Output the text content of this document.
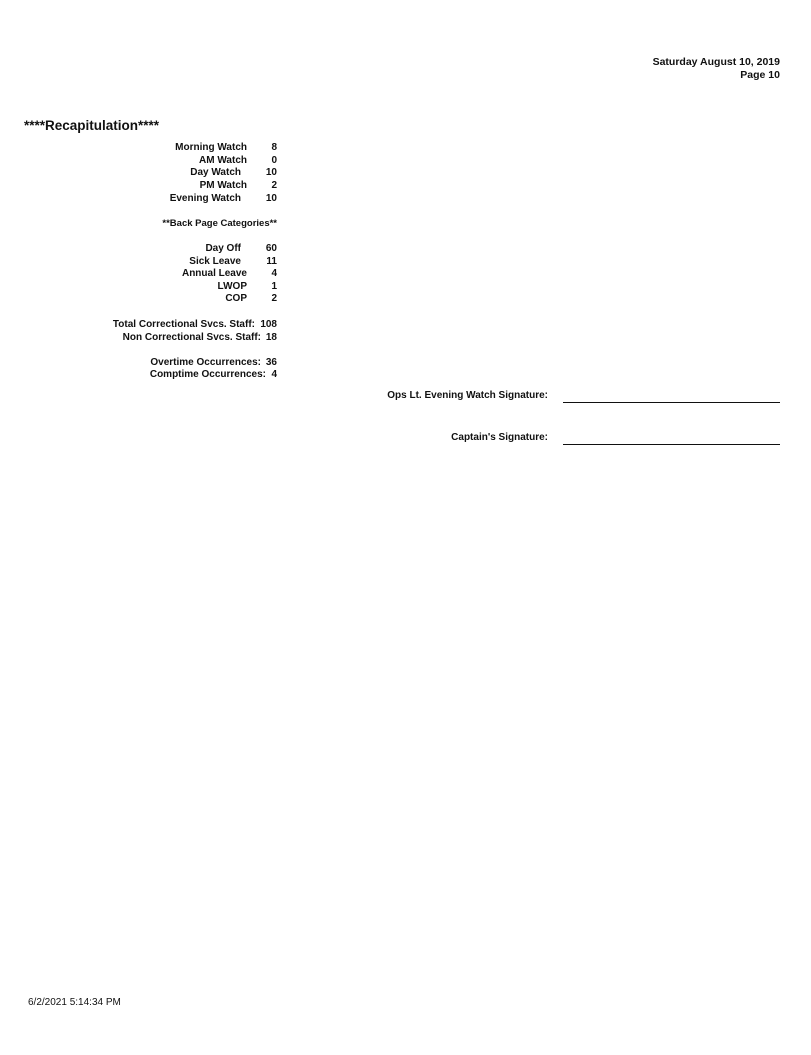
Saturday August 10, 2019
Page 10
****Recapitulation****
Morning Watch 8
AM Watch 0
Day Watch 10
PM Watch 2
Evening Watch 10
**Back Page Categories**
Day Off 60
Sick Leave	11
Annual Leave 4
LWOP 1
COP 2
Total Correctional Svcs. Staff: 108
Non Correctional Svcs. Staff: 18
Overtime Occurrences: 36
Comptime Occurrences: 4
Ops Lt. Evening Watch Signature:
Captain's Signature:
6/2/2021 5:14:34 PM
